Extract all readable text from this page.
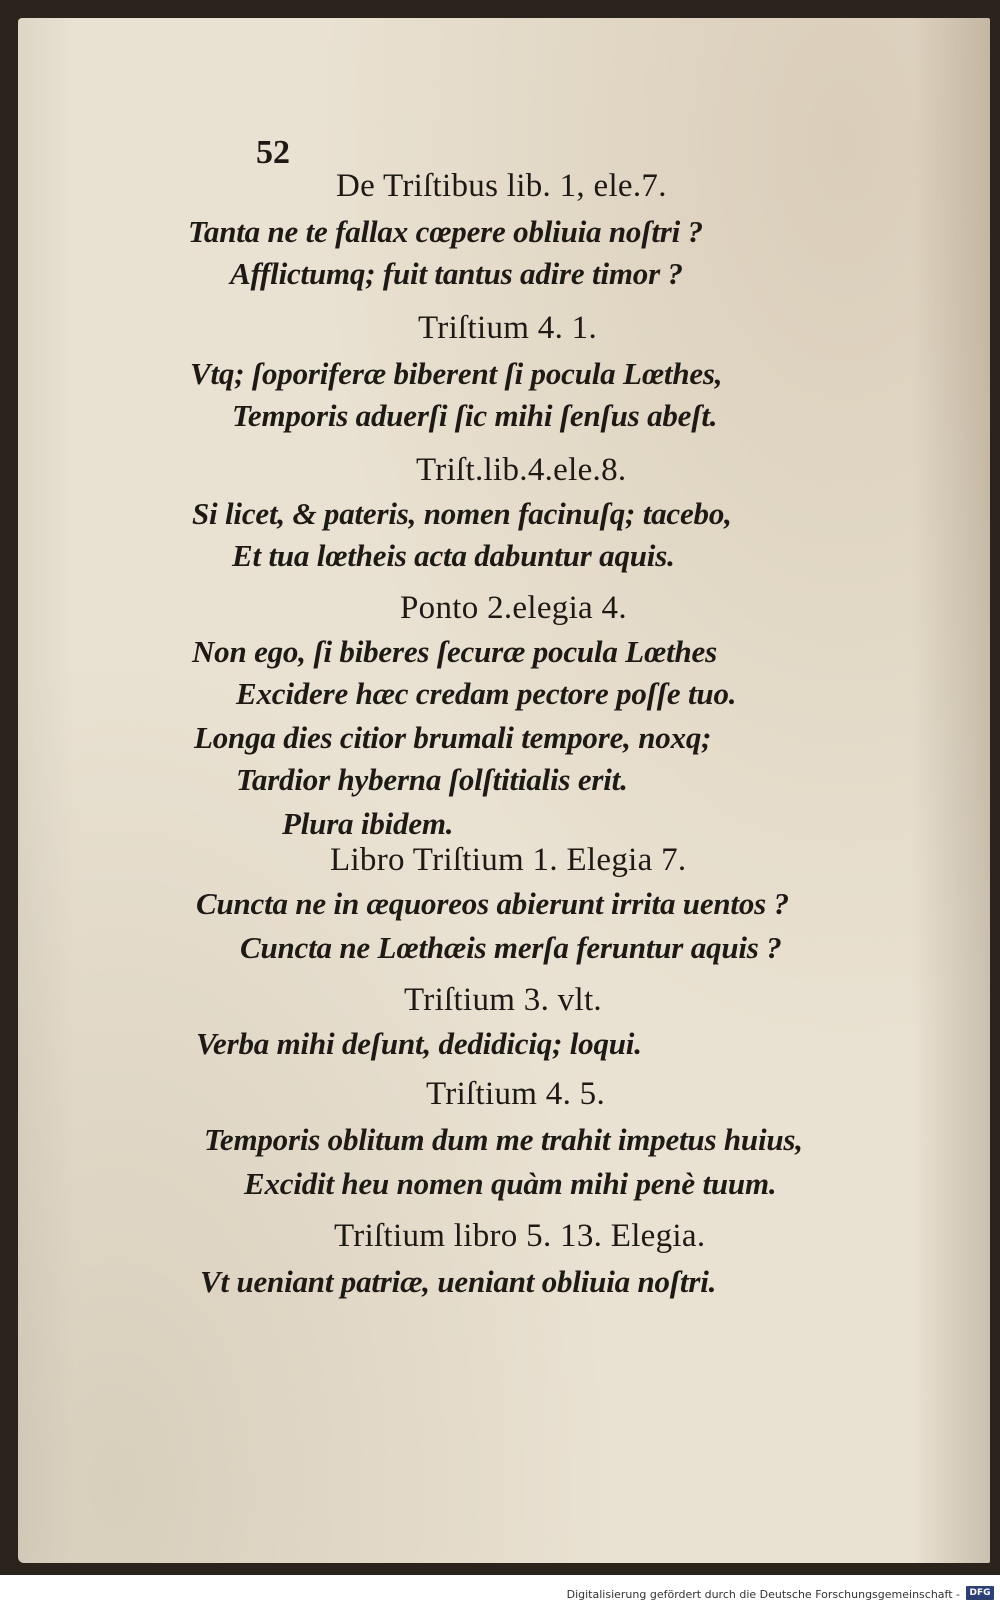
52
De Triſtibus lib. 1, ele.7.
Tanta ne te fallax cœpere obliuia noſtri ?
Afflictumq; fuit tantus adire timor ?
Triſtium 4. 1.
Vtq; ſoporiferæ biberent ſi pocula Lœthes,
Temporis aduerſi ſic mihi ſenſus abeſt.
Triſt.lib.4.ele.8.
Si licet, & pateris, nomen facinuſq; tacebo,
Et tua lœtheis acta dabuntur aquis.
Ponto 2.elegia 4.
Non ego, ſi biberes ſecuræ pocula Lœthes
Excidere hæc credam pectore poſſe tuo.
Longa dies citior brumali tempore, noxq;
Tardior hyberna ſolſtitialis erit.
Plura ibidem.
Libro Triſtium 1. Elegia 7.
Cuncta ne in æquoreos abierunt irrita uentos ?
Cuncta ne Lœthæis merſa feruntur aquis ?
Triſtium 3. vlt.
Verba mihi deſunt, dedidiciq; loqui.
Triſtium 4. 5.
Temporis oblitum dum me trahit impetus huius,
Excidit heu nomen quàm mihi penè tuum.
Triſtium libro 5. 13. Elegia.
Vt ueniant patriæ, ueniant obliuia noſtri.
Digitalisierung gefördert durch die Deutsche Forschungsgemeinschaft -	DFG
